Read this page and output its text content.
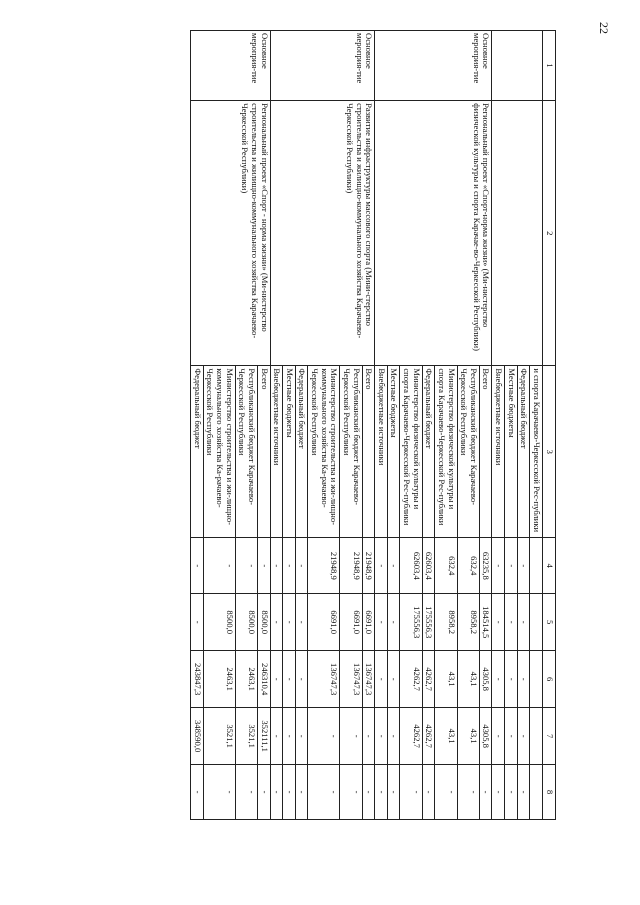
22
1	2	3	4	5	6	7	8
		и спорта Карачаево-Черкесской Рес-публики					
		Федеральный бюджет	-	-	-	-	-
		Местные бюджеты	-	-	-	-	-
		Внебюджетные источники	-	-	-	-	-
Основное мероприя-тие	Региональный проект «Спорт-норма жизни» (Ми-нистерство физической культуры и спорта Карачае-во-Черкесской Республики)	Всего	63235,8	184514,5	4305,8	4305,8	-
		Республиканский бюджет Карачаево-Черкесской Республики	632,4	8958,2	43,1	43,1	-
		Министерство физической культуры и спорта Карачаево-Черкесской Рес-публики	632,4	8958,2	43,1	43,1	-
		Федеральный бюджет	62603,4	175556,3	4262,7	4262,7	-
		Министерство физической культуры и спорта Карачаево-Черкесской Рес-публики	62603,4	175556,3	4262,7	4262,7	-
		Местные бюджеты	-	-	-	-	-
		Внебюджетные источники	-	-	-	-	-
Основное мероприя-тие	Развитие инфраструктуры массового спорта (Мини-стерство строительства и жилищно-коммунального хозяйства Карачаево-Черкесской Республики)	Всего	21948,9	6691,0	136747,3	-	-
		Республиканский бюджет Карачаево-Черкесской Республики	21948,9	6691,0	136747,3	-	-
		Министерство строительства и жи-лищно-коммунального хозяйства Ка-рачаево-Черкесской Республики	21948,9	6691,0	136747,3	-	-
		Федеральный бюджет	-	-	-	-	-
		Местные бюджеты	-	-	-	-	-
		Внебюджетные источники	-	-	-	-	-
Основное мероприя-тие	Региональный проект «Спорт - норма жизни» (Ми-нистерство строительства и жилищно-коммунального хозяйства Карачаево-Черкесской Республики)	Всего	-	8500,0	246310,4	352111,1	-
		Республиканский бюджет Карачаево-Черкесской Республики	-	8500,0	2463,1	3521,1	-
		Министерство строительства и жи-лищно-коммунального хозяйства Ка-рачаево-Черкесской Республики	-	8500,0	2463,1	3521,1	-
		Федеральный бюджет	-	-	243847,3	348590,0	-
